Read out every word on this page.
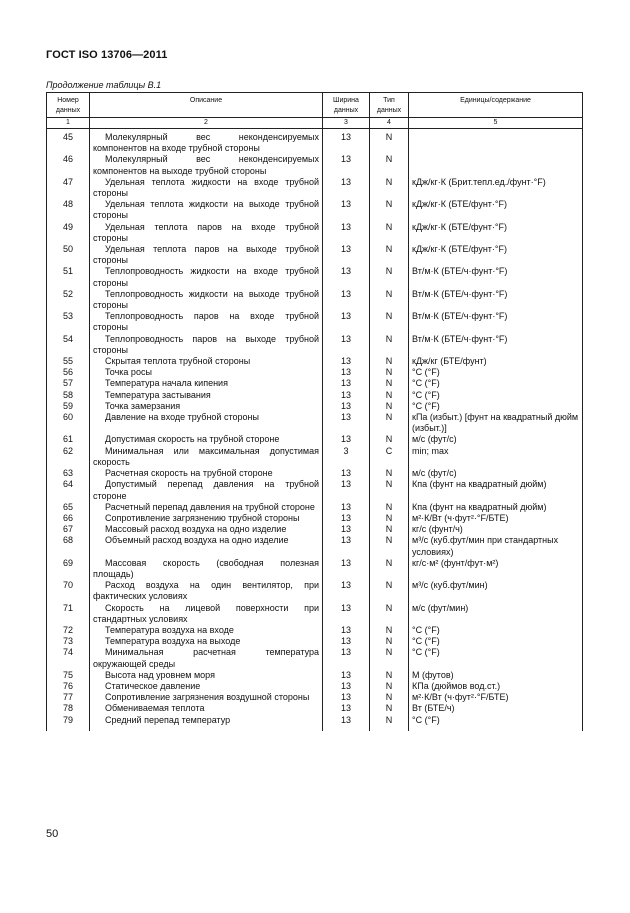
ГОСТ ISO 13706—2011
Продолжение таблицы В.1
Номер данных	Описание	Ширина данных	Тип данных	Единицы/содержание
1	2	3	4	5
45	Молекулярный вес неконденсируемых компонентов на входе трубной стороны	13	N	

46	Молекулярный вес неконденсируемых компонентов на выходе трубной стороны	13	N	

47	Удельная теплота жидкости на входе трубной стороны	13	N	кДж/кг·К (Брит.тепл.ед./фунт·°F)

48	Удельная теплота жидкости на выходе трубной стороны	13	N	кДж/кг·К (БТЕ/фунт·°F)

49	Удельная теплота паров на входе трубной стороны	13	N	кДж/кг·К (БТЕ/фунт·°F)

50	Удельная теплота паров на выходе трубной стороны	13	N	кДж/кг·К (БТЕ/фунт·°F)

51	Теплопроводность жидкости на входе трубной стороны	13	N	Вт/м·К (БТЕ/ч·фунт·°F)

52	Теплопроводность жидкости на выходе трубной стороны	13	N	Вт/м·К (БТЕ/ч·фунт·°F)

53	Теплопроводность паров на входе трубной стороны	13	N	Вт/м·К (БТЕ/ч·фунт·°F)

54	Теплопроводность паров на выходе трубной стороны	13	N	Вт/м·К (БТЕ/ч·фунт·°F)

55	Скрытая теплота трубной стороны	13	N	кДж/кг (БТЕ/фунт)

56	Точка росы	13	N	°С (°F)

57	Температура начала кипения	13	N	°С (°F)

58	Температура застывания	13	N	°С (°F)

59	Точка замерзания	13	N	°С (°F)

60	Давление на входе трубной стороны	13	N	кПа (избыт.) [фунт на квадратный дюйм (избыт.)]

61	Допустимая скорость на трубной стороне	13	N	м/с (фут/с)

62	Минимальная или максимальная допустимая скорость	3	C	min; max

63	Расчетная скорость на трубной стороне	13	N	м/с (фут/с)

64	Допустимый перепад давления на трубной стороне	13	N	Кпа (фунт на квадратный дюйм)

65	Расчетный перепад давления на трубной стороне	13	N	Кпа (фунт на квадратный дюйм)

66	Сопротивление загрязнению трубной стороны	13	N	м²·К/Вт (ч·фут²·°F/БТЕ)

67	Массовый расход воздуха на одно изделие	13	N	кг/с (фунт/ч)

68	Объемный расход воздуха на одно изделие	13	N	м³/с (куб.фут/мин при стандартных условиях)

69	Массовая скорость (свободная полезная площадь)	13	N	кг/с·м² (фунт/фут·м²)

70	Расход воздуха на один вентилятор, при фактических условиях	13	N	м³/с (куб.фут/мин)

71	Скорость на лицевой поверхности при стандартных условиях	13	N	м/с (фут/мин)

72	Температура воздуха на входе	13	N	°С (°F)

73	Температура воздуха на выходе	13	N	°С (°F)

74	Минимальная расчетная температура окружающей среды	13	N	°С (°F)

75	Высота над уровнем моря	13	N	М (футов)

76	Статическое давление	13	N	КПа (дюймов вод.ст.)

77	Сопротивление загрязнения воздушной стороны	13	N	м²·К/Вт (ч·фут²·°F/БТЕ)

78	Обмениваемая теплота	13	N	Вт (БТЕ/ч)

79	Средний перепад температур	13	N	°С (°F)
50
